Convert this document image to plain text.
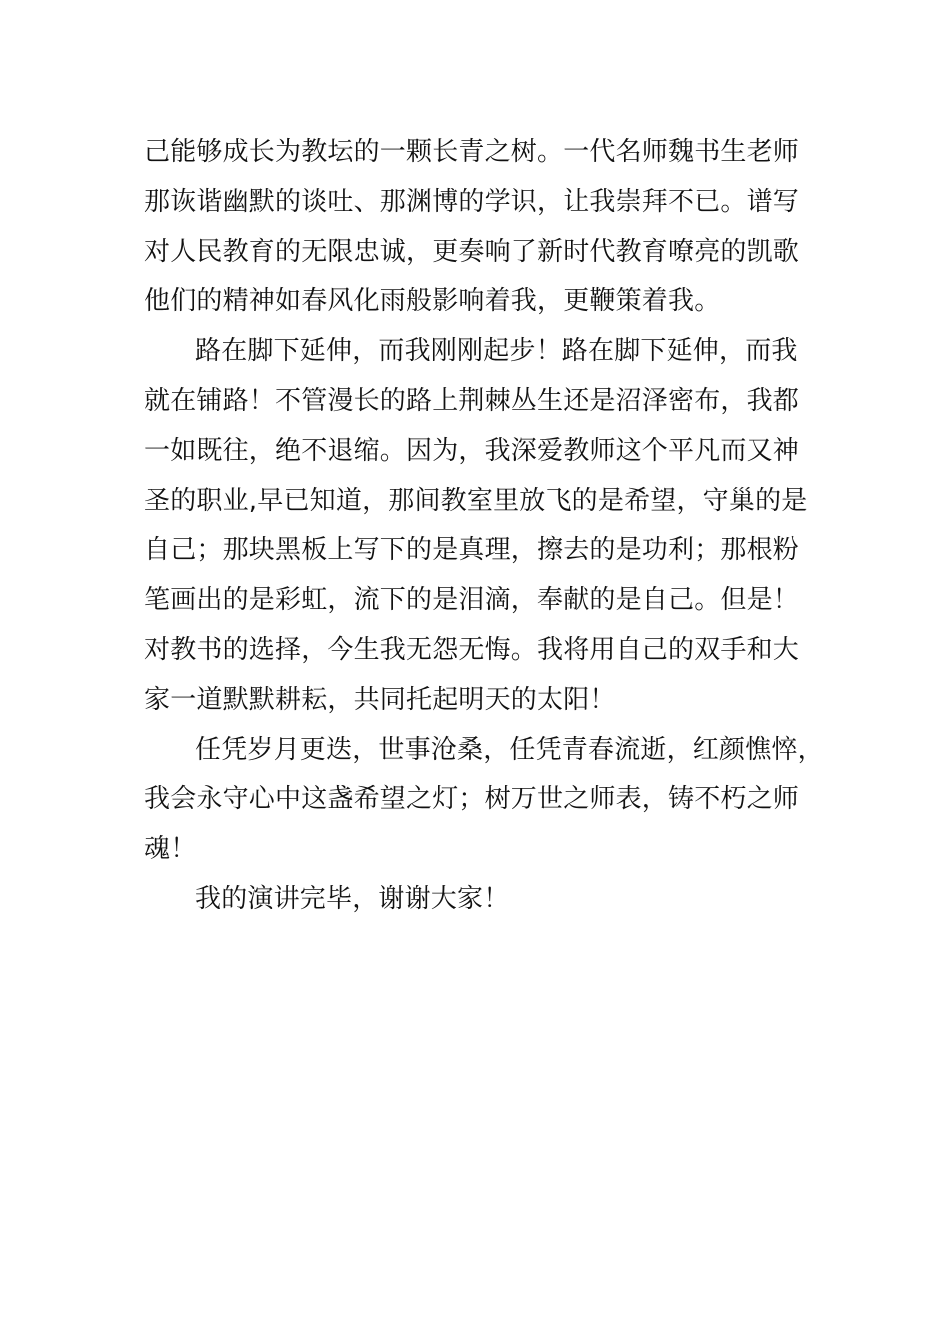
己能够成长为教坛的一颗长青之树。一代名师魏书生老师
那诙谐幽默的谈吐、那渊博的学识，让我崇拜不已。谱写
对人民教育的无限忠诚，更奏响了新时代教育嘹亮的凯歌
他们的精神如春风化雨般影响着我，更鞭策着我。
路在脚下延伸，而我刚刚起步！路在脚下延伸，而我
就在铺路！不管漫长的路上荆棘丛生还是沼泽密布，我都
一如既往，绝不退缩。因为，我深爱教师这个平凡而又神
圣的职业,早已知道，那间教室里放飞的是希望，守巢的是
自己；那块黑板上写下的是真理，擦去的是功利；那根粉
笔画出的是彩虹，流下的是泪滴，奉献的是自己。但是！
对教书的选择，今生我无怨无悔。我将用自己的双手和大
家一道默默耕耘，共同托起明天的太阳！
任凭岁月更迭，世事沧桑，任凭青春流逝，红颜憔悴，
我会永守心中这盏希望之灯；树万世之师表，铸不朽之师
魂！
我的演讲完毕，谢谢大家！
